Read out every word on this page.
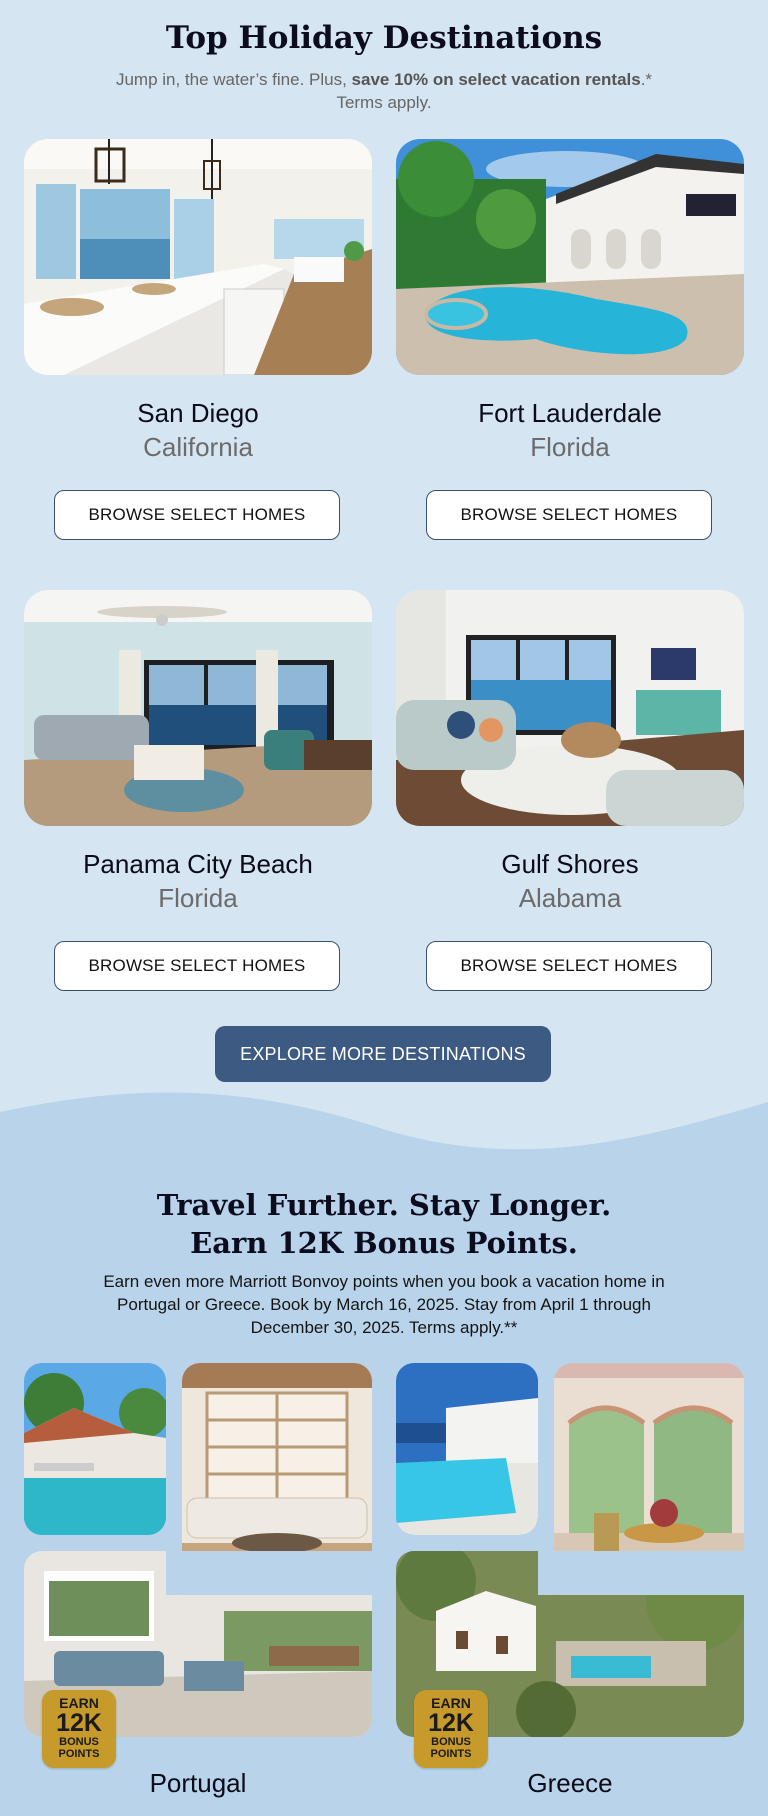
Top Holiday Destinations
Jump in, the water’s fine. Plus, save 10% on select vacation rentals.*
Terms apply.
San Diego
California
BROWSE SELECT HOMES
Fort Lauderdale
Florida
BROWSE SELECT HOMES
Panama City Beach
Florida
BROWSE SELECT HOMES
Gulf Shores
Alabama
BROWSE SELECT HOMES
EXPLORE MORE DESTINATIONS
Travel Further. Stay Longer.
Earn 12K Bonus Points.
Earn even more Marriott Bonvoy points when you book a vacation home in Portugal or Greece. Book by March 16, 2025. Stay from April 1 through December 30, 2025. Terms apply.**
EARN
12K
BONUS
POINTS
EARN
12K
BONUS
POINTS
Portugal	Greece
